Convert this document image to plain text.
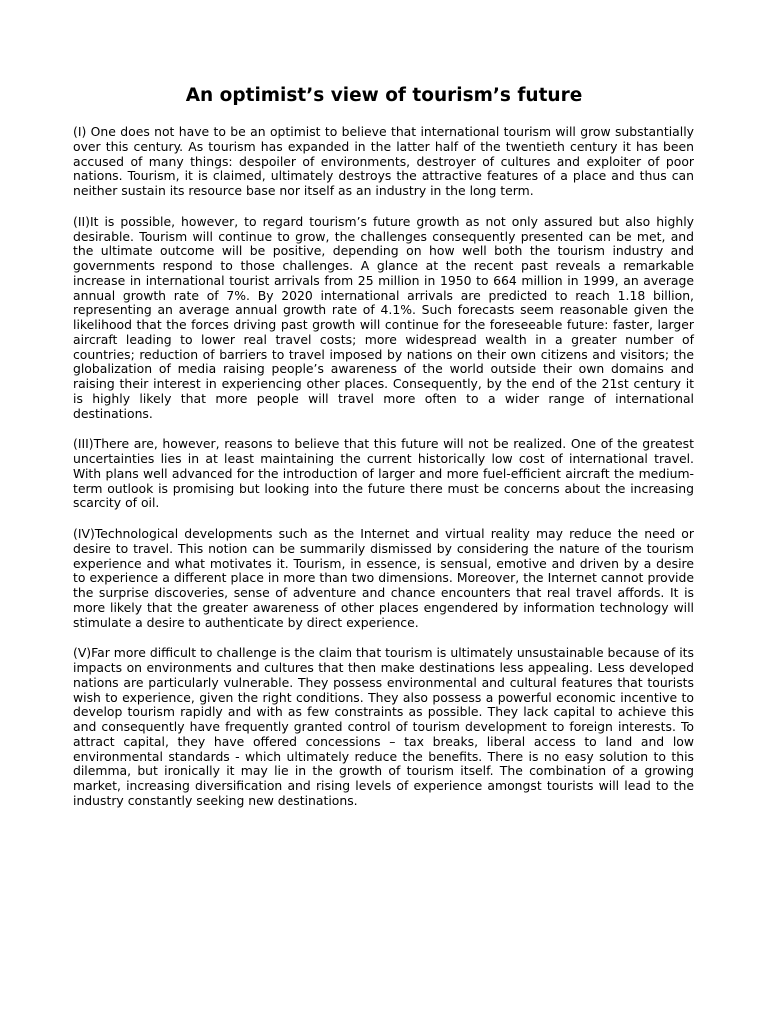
An optimist’s view of tourism’s future

(I) One does not have to be an optimist to believe that international tourism will grow substantially over this century. As tourism has expanded in the latter half of the twentieth century it has been accused of many things: despoiler of environments, destroyer of cultures and exploiter of poor nations. Tourism, it is claimed, ultimately destroys the attractive features of a place and thus can neither sustain its resource base nor itself as an industry in the long term.

(II)It is possible, however, to regard tourism’s future growth as not only assured but also highly desirable. Tourism will continue to grow, the challenges consequently presented can be met, and the ultimate outcome will be positive, depending on how well both the tourism industry and governments respond to those challenges. A glance at the recent past reveals a remarkable increase in international tourist arrivals from 25 million in 1950 to 664 million in 1999, an average annual growth rate of 7%. By 2020 international arrivals are predicted to reach 1.18 billion, representing an average annual growth rate of 4.1%. Such forecasts seem reasonable given the likelihood that the forces driving past growth will continue for the foreseeable future: faster, larger aircraft leading to lower real travel costs; more widespread wealth in a greater number of countries; reduction of barriers to travel imposed by nations on their own citizens and visitors; the globalization of media raising people’s awareness of the world outside their own domains and raising their interest in experiencing other places. Consequently, by the end of the 21st century it is highly likely that more people will travel more often to a wider range of international destinations.

(III)There are, however, reasons to believe that this future will not be realized. One of the greatest uncertainties lies in at least maintaining the current historically low cost of international travel. With plans well advanced for the introduction of larger and more fuel-efficient aircraft the medium-term outlook is promising but looking into the future there must be concerns about the increasing scarcity of oil.

(IV)Technological developments such as the Internet and virtual reality may reduce the need or desire to travel. This notion can be summarily dismissed by considering the nature of the tourism experience and what motivates it. Tourism, in essence, is sensual, emotive and driven by a desire to experience a different place in more than two dimensions. Moreover, the Internet cannot provide the surprise discoveries, sense of adventure and chance encounters that real travel affords. It is more likely that the greater awareness of other places engendered by information technology will stimulate a desire to authenticate by direct experience.

(V)Far more difficult to challenge is the claim that tourism is ultimately unsustainable because of its impacts on environments and cultures that then make destinations less appealing. Less developed nations are particularly vulnerable. They possess environmental and cultural features that tourists wish to experience, given the right conditions. They also possess a powerful economic incentive to develop tourism rapidly and with as few constraints as possible. They lack capital to achieve this and consequently have frequently granted control of tourism development to foreign interests. To attract capital, they have offered concessions – tax breaks, liberal access to land and low environmental standards - which ultimately reduce the benefits. There is no easy solution to this dilemma, but ironically it may lie in the growth of tourism itself. The combination of a growing market, increasing diversification and rising levels of experience amongst tourists will lead to the industry constantly seeking new destinations.
